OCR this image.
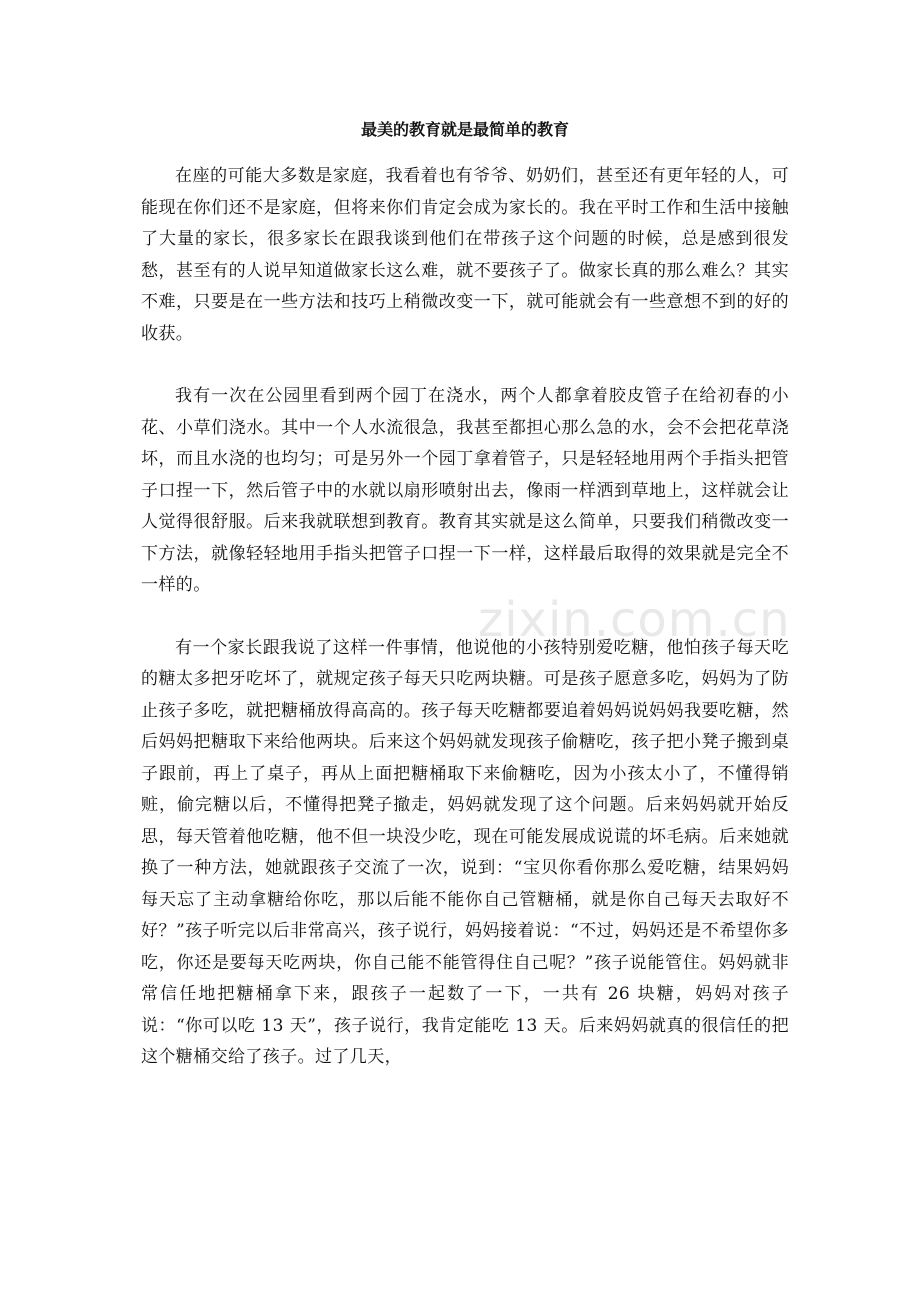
最美的教育就是最简单的教育

在座的可能大多数是家庭，我看着也有爷爷、奶奶们，甚至还有更年轻的人，可能现在你们还不是家庭，但将来你们肯定会成为家长的。我在平时工作和生活中接触了大量的家长，很多家长在跟我谈到他们在带孩子这个问题的时候，总是感到很发愁，甚至有的人说早知道做家长这么难，就不要孩子了。做家长真的那么难么？其实不难，只要是在一些方法和技巧上稍微改变一下，就可能就会有一些意想不到的好的收获。

我有一次在公园里看到两个园丁在浇水，两个人都拿着胶皮管子在给初春的小花、小草们浇水。其中一个人水流很急，我甚至都担心那么急的水，会不会把花草浇坏，而且水浇的也均匀；可是另外一个园丁拿着管子，只是轻轻地用两个手指头把管子口捏一下，然后管子中的水就以扇形喷射出去，像雨一样洒到草地上，这样就会让人觉得很舒服。后来我就联想到教育。教育其实就是这么简单，只要我们稍微改变一下方法，就像轻轻地用手指头把管子口捏一下一样，这样最后取得的效果就是完全不一样的。

有一个家长跟我说了这样一件事情，他说他的小孩特别爱吃糖，他怕孩子每天吃的糖太多把牙吃坏了，就规定孩子每天只吃两块糖。可是孩子愿意多吃，妈妈为了防止孩子多吃，就把糖桶放得高高的。孩子每天吃糖都要追着妈妈说妈妈我要吃糖，然后妈妈把糖取下来给他两块。后来这个妈妈就发现孩子偷糖吃，孩子把小凳子搬到桌子跟前，再上了桌子，再从上面把糖桶取下来偷糖吃，因为小孩太小了，不懂得销赃，偷完糖以后，不懂得把凳子撤走，妈妈就发现了这个问题。后来妈妈就开始反思，每天管着他吃糖，他不但一块没少吃，现在可能发展成说谎的坏毛病。后来她就换了一种方法，她就跟孩子交流了一次，说到：“宝贝你看你那么爱吃糖，结果妈妈每天忘了主动拿糖给你吃，那以后能不能你自己管糖桶，就是你自己每天去取好不好？”孩子听完以后非常高兴，孩子说行，妈妈接着说：“不过，妈妈还是不希望你多吃，你还是要每天吃两块，你自己能不能管得住自己呢？”孩子说能管住。妈妈就非常信任地把糖桶拿下来，跟孩子一起数了一下，一共有 26 块糖，妈妈对孩子说：“你可以吃 13 天”，孩子说行，我肯定能吃 13 天。后来妈妈就真的很信任的把这个糖桶交给了孩子。过了几天，

zixin.com.cn
